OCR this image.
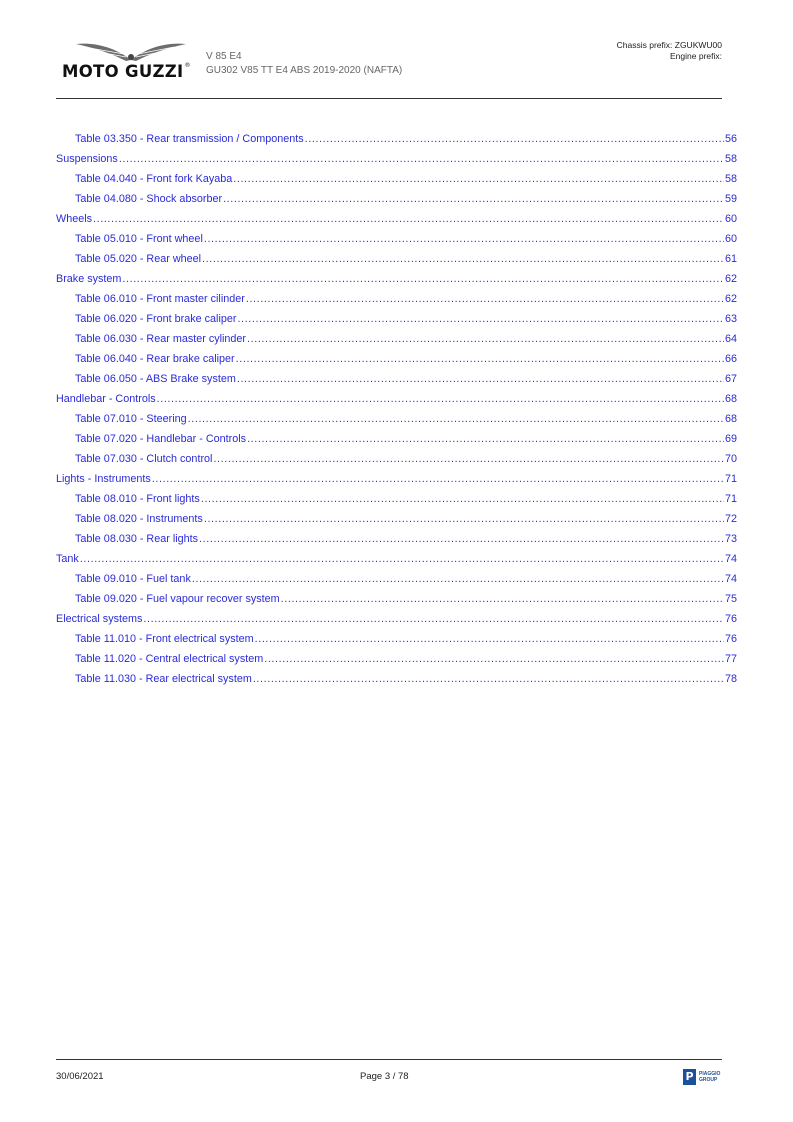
MOTO GUZZI®
V 85 E4
GU302 V85 TT E4 ABS 2019-2020 (NAFTA)
Chassis prefix: ZGUKWU00
Engine prefix:
Table 03.350 - Rear transmission / Components .....	56
Suspensions .....	58
Table 04.040 - Front fork Kayaba .....	58
Table 04.080 - Shock absorber .....	59
Wheels .....	60
Table 05.010 - Front wheel .....	60
Table 05.020 - Rear wheel .....	61
Brake system .....	62
Table 06.010 - Front master cilinder .....	62
Table 06.020 - Front brake caliper .....	63
Table 06.030 - Rear master cylinder .....	64
Table 06.040 - Rear brake caliper .....	66
Table 06.050 - ABS Brake system .....	67
Handlebar - Controls .....	68
Table 07.010 - Steering .....	68
Table 07.020 - Handlebar - Controls .....	69
Table 07.030 - Clutch control .....	70
Lights - Instruments .....	71
Table 08.010 - Front lights .....	71
Table 08.020 - Instruments .....	72
Table 08.030 - Rear lights .....	73
Tank .....	74
Table 09.010 - Fuel tank .....	74
Table 09.020 - Fuel vapour recover system .....	75
Electrical systems .....	76
Table 11.010 - Front electrical system .....	76
Table 11.020 - Central electrical system .....	77
Table 11.030 - Rear electrical system .....	78
30/06/2021	Page 3 / 78	P	PIAGGIO
GROUP
